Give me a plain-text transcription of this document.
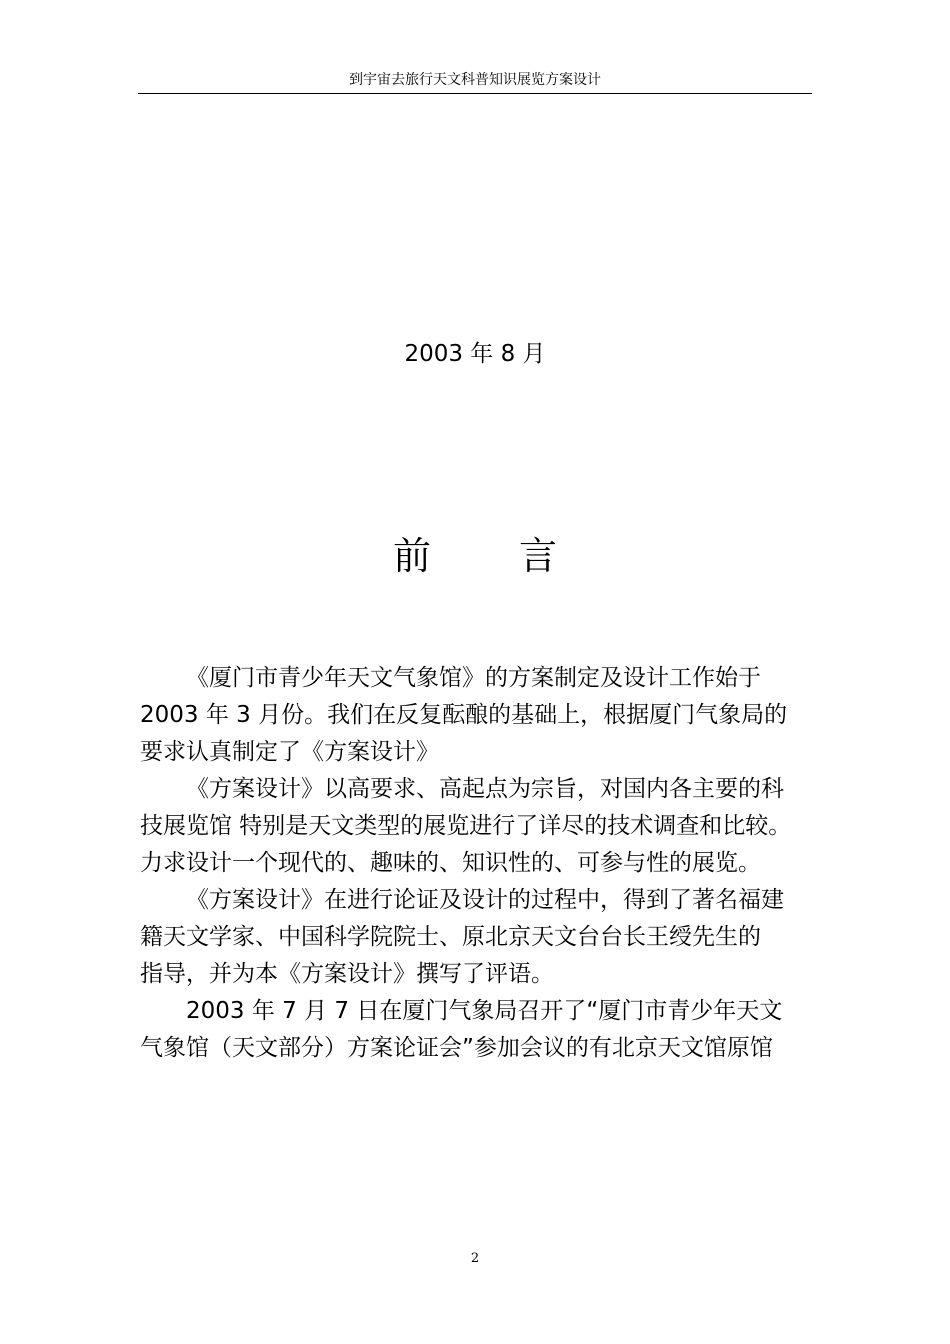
到宇宙去旅行天文科普知识展览方案设计
2003 年 8 月
前 言
《厦门市青少年天文气象馆》的方案制定及设计工作始于
2003 年 3 月份。我们在反复酝酿的基础上，根据厦门气象局的
要求认真制定了《方案设计》
《方案设计》以高要求、高起点为宗旨，对国内各主要的科
技展览馆 特别是天文类型的展览进行了详尽的技术调查和比较。
力求设计一个现代的、趣味的、知识性的、可参与性的展览。
《方案设计》在进行论证及设计的过程中，得到了著名福建
籍天文学家、中国科学院院士、原北京天文台台长王绶先生的
指导，并为本《方案设计》撰写了评语。
2003 年 7 月 7 日在厦门气象局召开了“厦门市青少年天文
气象馆（天文部分）方案论证会”参加会议的有北京天文馆原馆
2
